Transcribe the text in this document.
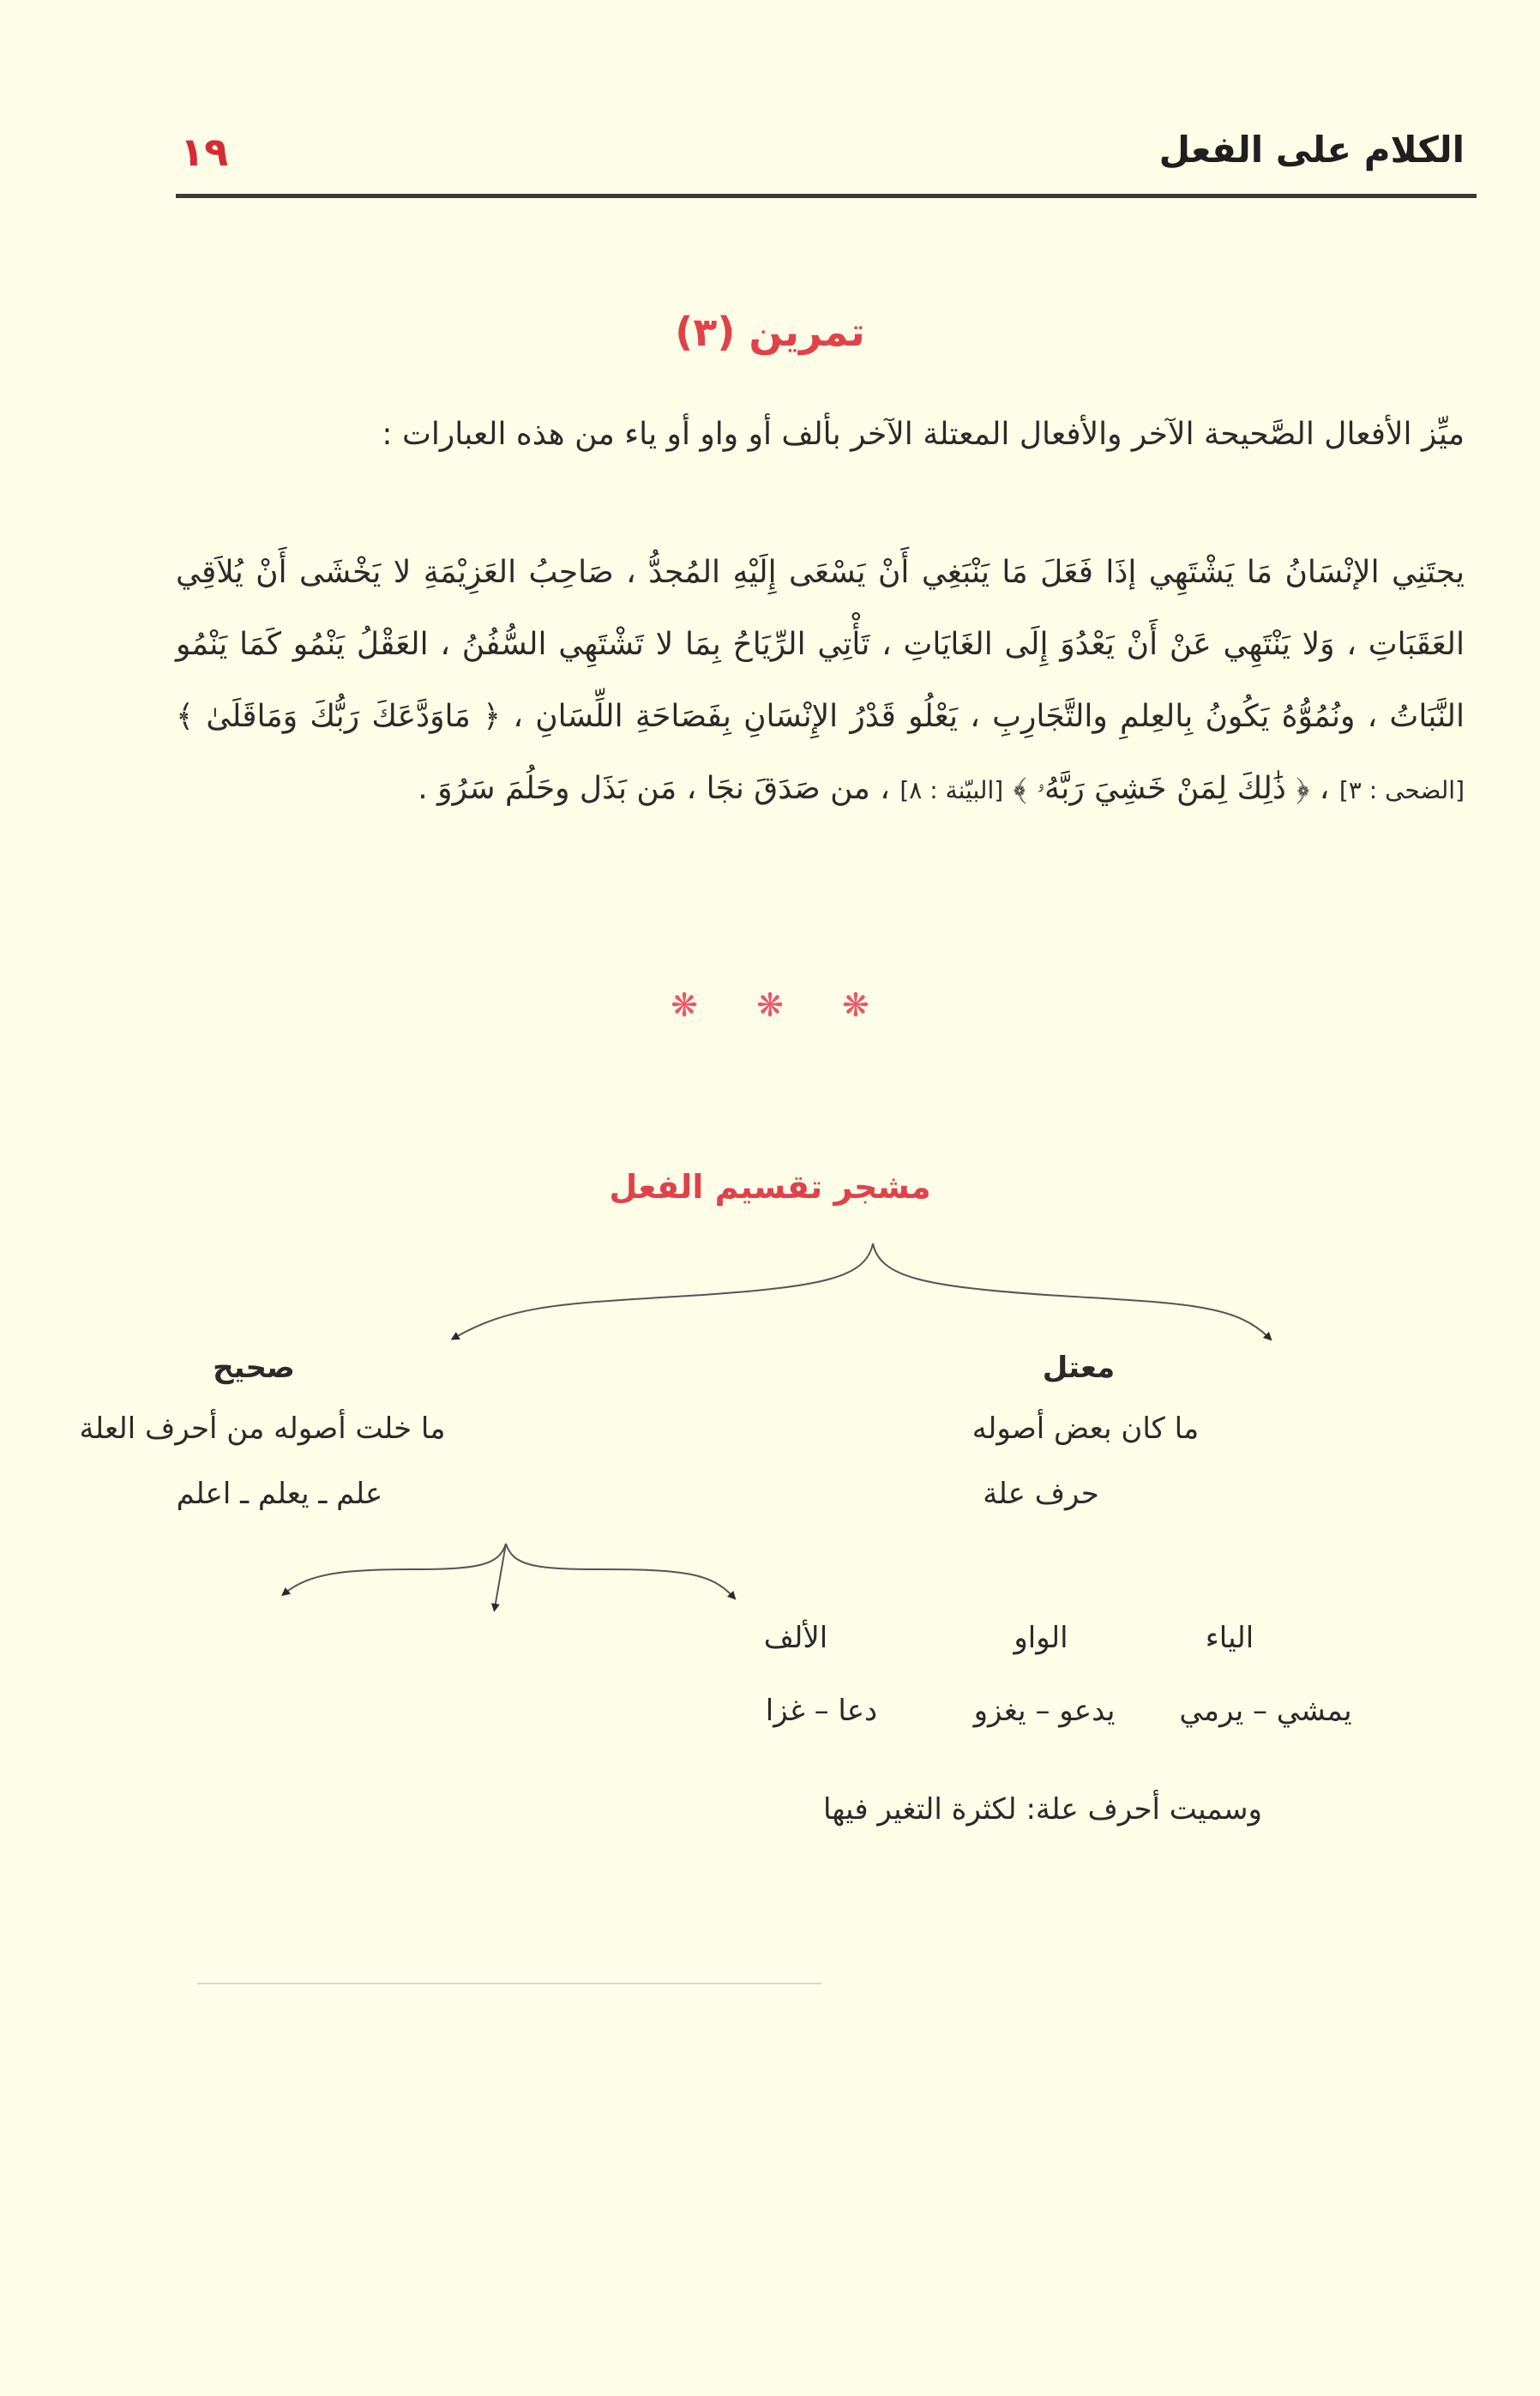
الكلام على الفعل
١٩
تمرين (٣)

ميِّز الأفعال الصَّحيحة الآخر والأفعال المعتلة الآخر بألف أو واو أو ياء من هذه العبارات :

يجتَنِي الإنْسَانُ مَا يَشْتَهِي إذَا فَعَلَ مَا يَنْبَغِي أَنْ يَسْعَى إِلَيْهِ المُجدُّ ، صَاحِبُ العَزِيْمَةِ لا يَخْشَى أَنْ يُلاَقِي العَقَبَاتِ ، وَلا يَنْتَهِي عَنْ أَنْ يَعْدُوَ إِلَى الغَايَاتِ ، تَأْتِي الرِّيَاحُ بِمَا لا تَشْتَهِي السُّفُنُ ، العَقْلُ يَنْمُو كَمَا يَنْمُو النَّبَاتُ ، ونُمُوُّهُ يَكُونُ بِالعِلمِ والتَّجَارِبِ ، يَعْلُو قَدْرُ الإِنْسَانِ بِفَصَاحَةِ اللِّسَانِ ، ﴿ مَاوَدَّعَكَ رَبُّكَ وَمَاقَلَىٰ ﴾ [الضحى : ٣] ، ﴿ ذَٰلِكَ لِمَنْ خَشِيَ رَبَّهُۥ ﴾ [البيّنة : ٨] ، من صَدَقَ نجَا ، مَن بَذَل وحَلُمَ سَرُوَ .

❋ ❋ ❋
مشجر تقسيم الفعل
صحيح
ما خلت أصوله من أحرف العلة
علم ـ يعلم ـ اعلم
معتل
ما كان بعض أصوله
حرف علة
الألف
دعا – غزا
الواو
يدعو – يغزو
الياء
يمشي – يرمي
وسميت أحرف علة: لكثرة التغير فيها
